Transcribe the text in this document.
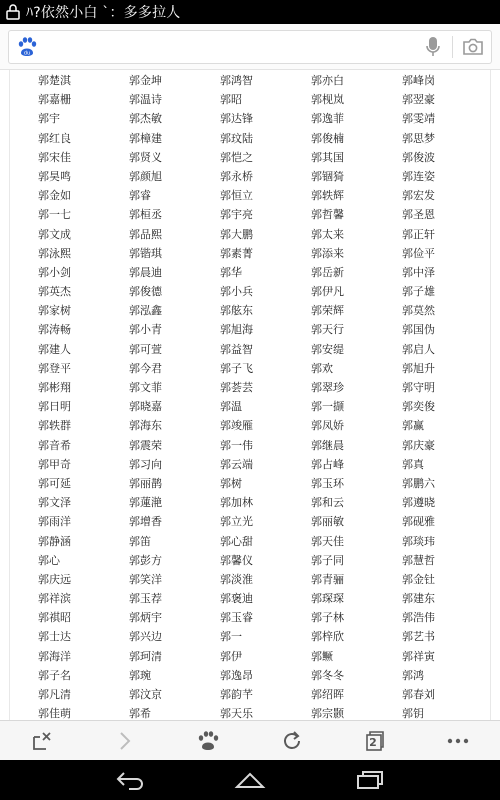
ﾊ?依然小白 `：多多拉人
du
郭楚淇	郭金坤	郭鸿智	郭亦白	郭峰岗
郭嘉栅	郭温诗	郭昭	郭枧岚	郭翌豪
郭宇	郭杰敏	郭达锋	郭逸菲	郭雯靖
郭红良	郭樟建	郭玟陆	郭俊楠	郭思梦
郭宋佳	郭贤义	郭恺之	郭其国	郭俊波
郭昊鸣	郭颜旭	郭永桥	郭锢猗	郭连姿
郭金如	郭睿	郭恒立	郭轶辉	郭宏发
郭一七	郭桓丞	郭宇亮	郭哲馨	郭圣恩
郭文成	郭品熙	郭大鹏	郭太来	郭正轩
郭泳熙	郭锴琪	郭素菁	郭添来	郭俭平
郭小剑	郭晨迪	郭华	郭岳新	郭中泽
郭英杰	郭俊德	郭小兵	郭伊凡	郭子雄
郭家树	郭泓鑫	郭舷东	郭荣辉	郭莫然
郭涛畅	郭小青	郭旭海	郭天行	郭国伪
郭建人	郭可萱	郭益智	郭安缇	郭启人
郭登平	郭今君	郭子飞	郭欢	郭旭升
郭彬翔	郭文菲	郭荟芸	郭翠珍	郭守明
郭日明	郭晓嘉	郭温	郭一撷	郭奕俊
郭轶群	郭海东	郭竣雁	郭凤娇	郭赢
郭音希	郭震荣	郭一伟	郭继晨	郭庆豪
郭甲奇	郭习向	郭云端	郭占峰	郭真
郭可延	郭丽鹊	郭树	郭玉环	郭鹏六
郭文泽	郭蓮滟	郭加林	郭和云	郭遵晓
郭雨洋	郭增香	郭立光	郭丽敏	郭砚雅
郭静涵	郭笛	郭心甜	郭天佳	郭琰玮
郭心	郭彭方	郭馨仪	郭子同	郭慧哲
郭庆远	郭笑洋	郭淡淮	郭青骊	郭金钍
郭祥滨	郭玉荐	郭褒迪	郭琛琛	郭建东
郭祺昭	郭炳宇	郭玉睿	郭子林	郭浩伟
郭士达	郭兴边	郭一	郭梓欣	郭艺书
郭海洋	郭珂清	郭伊	郭鳜	郭祥寅
郭子名	郭琬	郭逸昂	郭冬冬	郭鸿
郭凡清	郭汶京	郭韵芊	郭绍晖	郭春刘
郭佳萌	郭希	郭天乐	郭宗颢	郭钥
2
